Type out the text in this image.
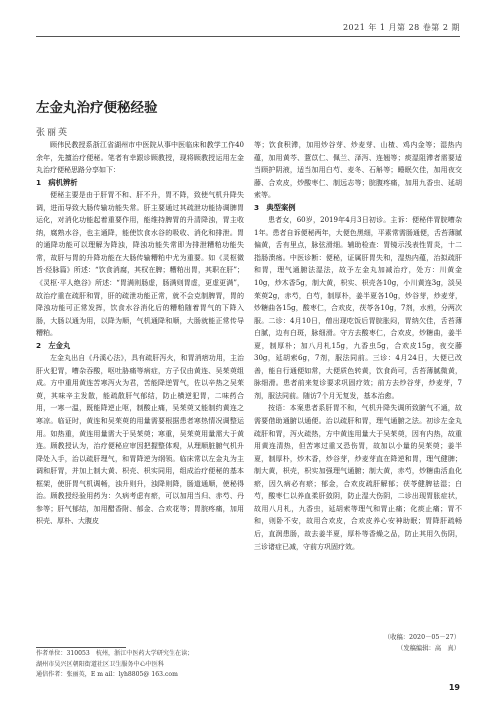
2021 年 1 月第 28 卷第 2 期
左金丸治疗便秘经验
张丽英

顾伟民教授系浙江省湖州市中医院从事中医临床和教学工作40余年，先擅治疗便秘。笔者有幸跟诊顾教授，现将顾教授运用左金丸治疗便秘思路分享如下：

1　病机辨析

便秘主要是由于肝胃不和、肝不升，胃不降，致使气机升降失调，进而导致大肠传输功能失常。肝主要通过其疏泄功能协调脾胃运化，对消化功能起着重要作用，能维持脾胃的升清降浊，胃主收纳，腐熟水谷，也主通降，能使饮食水谷的吸收、消化和排泄。胃的通降功能可以理解为降浊，降浊功能失常即为排泄糟粕功能失常，故肝与胃的升降功能在大肠传输糟粕中尤为重要。如《灵枢微旨·经脉篇》所述：“饮食消腐，其权在脾；糟粕出胃，其职在肝”；《灵枢·平人绝谷》所述：“胃满则肠虚，肠满则胃虚，更虚更满”，故治疗重在疏肝和胃，肝的疏泄功能正常，就不会克制脾胃，胃的降浊功能可正常发挥，饮食水谷消化后的糟粕随着胃气的下降入肠，大肠以通为用，以降为顺，气机通降和顺，大肠就能正常传导糟粕。

2　左金丸

左金丸出自《丹溪心法》，具有疏肝泻火，和胃消痞功用，主治肝火犯胃，嘈杂吞酸，呕吐胁痛等病症，方子仅由黄连、吴茱萸组成。方中重用黄连苦寒泻火为君，苦能降逆胃气，佐以辛热之吴茱萸，其味辛主发散，能疏散肝气郁结，防止横逆犯胃，二味药合用，一寒一温，既能降逆止呕，制酸止痛，吴茱萸又能制约黄连之寒凉。临证时，黄连和吴茱萸的用量需要根据患者寒热情况调整运用。如热重，黄连用量需大于吴茱萸；寒重，吴茱萸用量需大于黄连。顾教授认为，治疗便秘应审因把握整体观，从理顺脏腑气机升降处入手，治以疏肝理气，和胃降逆为纲领。临床常以左金丸为主调和肝胃，并加上制大黄、枳壳、枳实同用，组成治疗便秘的基本框架，使肝胃气机调畅，浊升则升，浊降则降，肠道通顺，使秘得治。顾教授经验用药为：久病考虑有瘀，可以加用当归、赤芍、丹参等；肝气郁结，加用醋香附、郁金、合欢花等；胃脘疼痛，加用枳壳、厚朴、大腹皮

等；饮食积滞，加用炒谷芽、炒麦芽、山楂、鸡内金等；湿热内蕴，加用黄芩、薏苡仁、佩兰、泽泻、连翘等；痰湿阻滞者需要适当顾护阴液，适当加用白芍、麦冬、石斛等；睡眠欠佳，加用夜交藤、合欢皮，炒酸枣仁、制远志等；脘腹疼痛，加用九香虫、延胡索等。

3　典型案例

患者女，60岁，2019年4月3日初诊。主诉：便秘伴胃脘嘈杂1年。患者自诉便秘两年，大便色黑细，平素常需肠通便，舌苔薄腻偏黄，舌有里点，脉弦滑细。辅助检查：胃镜示浅表性胃炎，十二指肠溃疡。中医诊断：便秘，证属肝胃失和，湿热内蕴，治拟疏肝和胃，理气通腑法湿法，故予左金丸加减治疗，处方：川黄金10g，炒木香5g，制大黄，枳实、枳壳各10g，小川黄连3g，淡吴茱萸2g，赤芍，白芍，制厚朴，姜半夏各10g，炒谷芽，炒麦芽，炒糖曲各15g，酸枣仁，合欢皮，茯苓各10g，7剂，水煎，分两次服。二诊：4月10日，僧出现吃饭后胃脘胀闷，胃纳欠佳，舌苔薄白腻，边有白斑，脉细滑。守方去酸枣仁，合欢皮，炒糖曲，姜半夏，制厚朴；加八月札15g，九香虫5g，合欢皮15g，夜交藤30g，延胡索6g，7剂，服法同前。三诊：4月24日，大便已改善，能自行通便如常，大便质色转黄，饮食尚可，舌苔薄腻微黄，脉细滑。患者前来复诊要求巩固疗效；前方去炒谷芽，炒麦芽，7剂，服法同前。随访7个月无复发，基本治愈。

按语：本案患者系肝胃不和，气机升降失调所致腑气不通，故需要借助通腑以通便。治以疏肝和胃，理气通腑之法。初诊左金丸疏肝和胃，泻火疏热，方中黄连用量大于吴茱萸，因有内热，故重用黄连清热，但苦寒过重又恐伤胃，故加以小量的吴茱萸；姜半夏，制厚朴，炒木香，炒谷芽，炒麦芽直在降逆和胃，理气健脾；制大黄，枳壳，枳实加强理气通腑；制大黄，赤芍，炒糖曲活血化瘀，因久病必有瘀；郁金，合欢皮疏肝解郁；茯苓健脾祛湿；白芍，酸枣仁以养血柔肝敛阴，防止湿大伤阴，二诊出现胃胀症状，故用八月札，九香虫，延胡索等理气和胃止痛；化痰止痛；胃不和，则卧不安，故用合欢皮，合欢皮养心安神助眠；胃降肝疏畅后，直润患肠，故去姜半夏，厚朴等香燥之品，防止其用久伤阴，三诊诸症已减，守前方巩固疗效。

（收稿：2020－05－27）
（发稿编辑：高　真）
作者单位：310053　杭州，浙江中医药大学研究生在读；
湖州市吴兴区朝阳街道社区卫生服务中心中医科
通信作者：张丽英，E m ail：lyh8805@ 163.com
19
